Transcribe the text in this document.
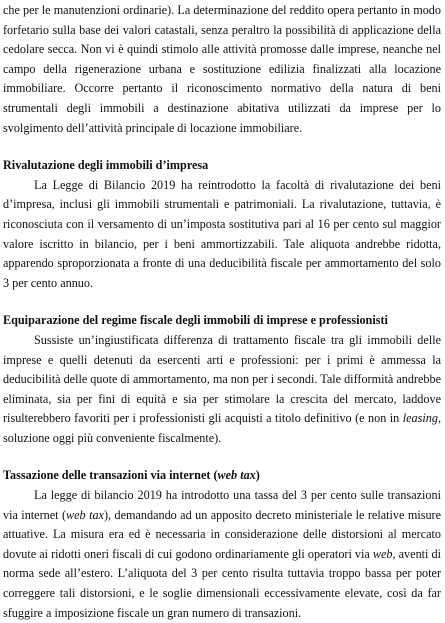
che per le manutenzioni ordinarie). La determinazione del reddito opera pertanto in modo forfetario sulla base dei valori catastali, senza peraltro la possibilità di applicazione della cedolare secca. Non vi è quindi stimolo alle attività promosse dalle imprese, neanche nel campo della rigenerazione urbana e sostituzione edilizia finalizzati alla locazione immobiliare. Occorre pertanto il riconoscimento normativo della natura di beni strumentali degli immobili a destinazione abitativa utilizzati da imprese per lo svolgimento dell’attività principale di locazione immobiliare.

Rivalutazione degli immobili d’impresa

La Legge di Bilancio 2019 ha reintrodotto la facoltà di rivalutazione dei beni d’impresa, inclusi gli immobili strumentali e patrimoniali. La rivalutazione, tuttavia, è riconosciuta con il versamento di un’imposta sostitutiva pari al 16 per cento sul maggior valore iscritto in bilancio, per i beni ammortizzabili. Tale aliquota andrebbe ridotta, apparendo sproporzionata a fronte di una deducibilità fiscale per ammortamento del solo 3 per cento annuo.

Equiparazione del regime fiscale degli immobili di imprese e professionisti

Sussiste un’ingiustificata differenza di trattamento fiscale tra gli immobili delle imprese e quelli detenuti da esercenti arti e professioni: per i primi è ammessa la deducibilità delle quote di ammortamento, ma non per i secondi. Tale difformità andrebbe eliminata, sia per fini di equità e sia per stimolare la crescita del mercato, laddove risulterebbero favoriti per i professionisti gli acquisti a titolo definitivo (e non in leasing, soluzione oggi più conveniente fiscalmente).

Tassazione delle transazioni via internet (web tax)

La legge di bilancio 2019 ha introdotto una tassa del 3 per cento sulle transazioni via internet (web tax), demandando ad un apposito decreto ministeriale le relative misure attuative. La misura era ed è necessaria in considerazione delle distorsioni al mercato dovute ai ridotti oneri fiscali di cui godono ordinariamente gli operatori via web, aventi di norma sede all’estero. L’aliquota del 3 per cento risulta tuttavia troppo bassa per poter correggere tali distorsioni, e le soglie dimensionali eccessivamente elevate, così da far sfuggire a imposizione fiscale un gran numero di transazioni.
